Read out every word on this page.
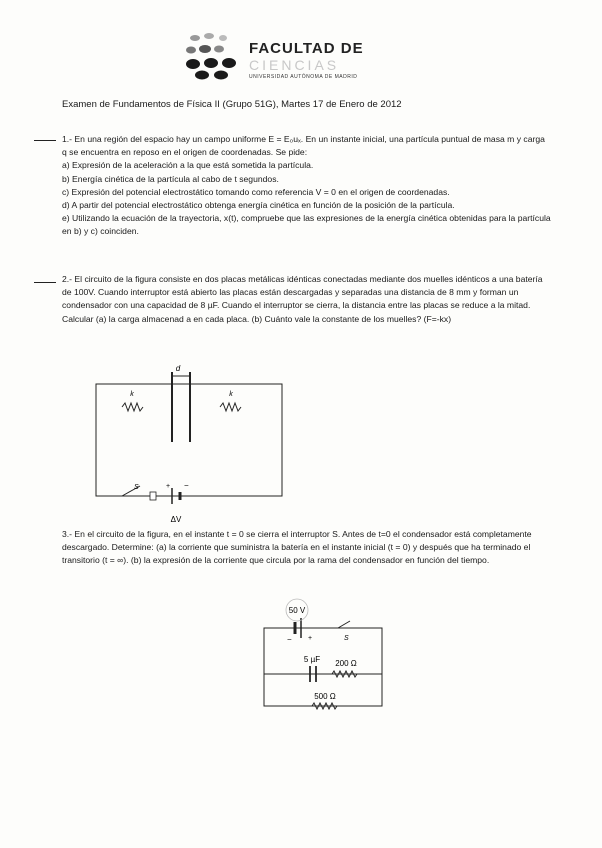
FACULTAD DE
CIENCIAS
UNIVERSIDAD AUTÓNOMA DE MADRID
Examen de Fundamentos de Física II (Grupo 51G), Martes 17 de Enero de 2012

1.- En una región del espacio hay un campo uniforme E = E₀uₓ. En un instante inicial, una partícula puntual de masa m y carga q se encuentra en reposo en el origen de coordenadas. Se pide:

a) Expresión de la aceleración a la que está sometida la partícula.

b) Energía cinética de la partícula al cabo de t segundos.

c) Expresión del potencial electrostático tomando como referencia V = 0 en el origen de coordenadas.

d) A partir del potencial electrostático obtenga energía cinética en función de la posición de la partícula.

e) Utilizando la ecuación de la trayectoria, x(t), compruebe que las expresiones de la energía cinética obtenidas para la partícula en b) y c) coinciden.

2.- El circuito de la figura consiste en dos placas metálicas idénticas conectadas mediante dos muelles idénticos a una batería de 100V. Cuando interruptor está abierto las placas están descargadas y separadas una distancia de 8 mm y forman un condensador con una capacidad de 8 µF. Cuando el interruptor se cierra, la distancia entre las placas se reduce a la mitad. Calcular (a) la carga almacenad a en cada placa. (b) Cuánto vale la constante de los muelles? (F=-kx)

d
k	k
S	+ −
ΔV

3.- En el circuito de la figura, en el instante t = 0 se cierra el interruptor S. Antes de t=0 el condensador está completamente descargado. Determine: (a) la corriente que suministra la batería en el instante inicial (t = 0) y después que ha terminado el transitorio (t = ∞). (b) la expresión de la corriente que circula por la rama del condensador en función del tiempo.

50 V
− +	S
5 µF 200 Ω
500 Ω
